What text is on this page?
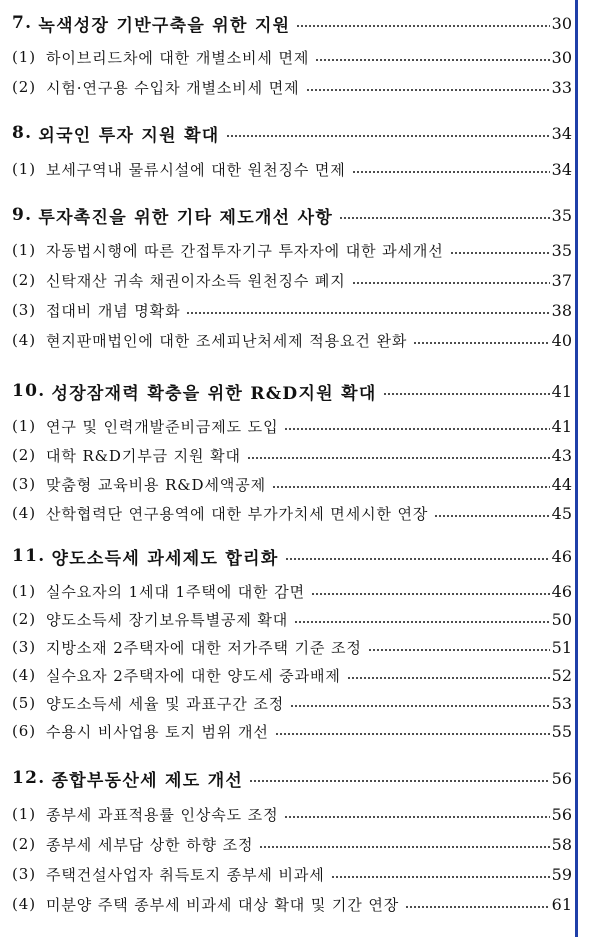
7. 녹색성장 기반구축을 위한 지원	30
(1) 하이브리드차에 대한 개별소비세 면제	30
(2) 시험·연구용 수입차 개별소비세 면제	33
8. 외국인 투자 지원 확대	34
(1) 보세구역내 물류시설에 대한 원천징수 면제	34
9. 투자촉진을 위한 기타 제도개선 사항	35
(1) 자동법시행에 따른 간접투자기구 투자자에 대한 과세개선	35
(2) 신탁재산 귀속 채권이자소득 원천징수 폐지	37
(3) 접대비 개념 명확화	38
(4) 현지판매법인에 대한 조세피난처세제 적용요건 완화	40
10. 성장잠재력 확충을 위한 R&D지원 확대	41
(1) 연구 및 인력개발준비금제도 도입	41
(2) 대학 R&D기부금 지원 확대	43
(3) 맞춤형 교육비용 R&D세액공제	44
(4) 산학협력단 연구용역에 대한 부가가치세 면세시한 연장	45
11. 양도소득세 과세제도 합리화	46
(1) 실수요자의 1세대 1주택에 대한 감면	46
(2) 양도소득세 장기보유특별공제 확대	50
(3) 지방소재 2주택자에 대한 저가주택 기준 조정	51
(4) 실수요자 2주택자에 대한 양도세 중과배제	52
(5) 양도소득세 세율 및 과표구간 조정	53
(6) 수용시 비사업용 토지 범위 개선	55
12. 종합부동산세 제도 개선	56
(1) 종부세 과표적용률 인상속도 조정	56
(2) 종부세 세부담 상한 하향 조정	58
(3) 주택건설사업자 취득토지 종부세 비과세	59
(4) 미분양 주택 종부세 비과세 대상 확대 및 기간 연장	61
